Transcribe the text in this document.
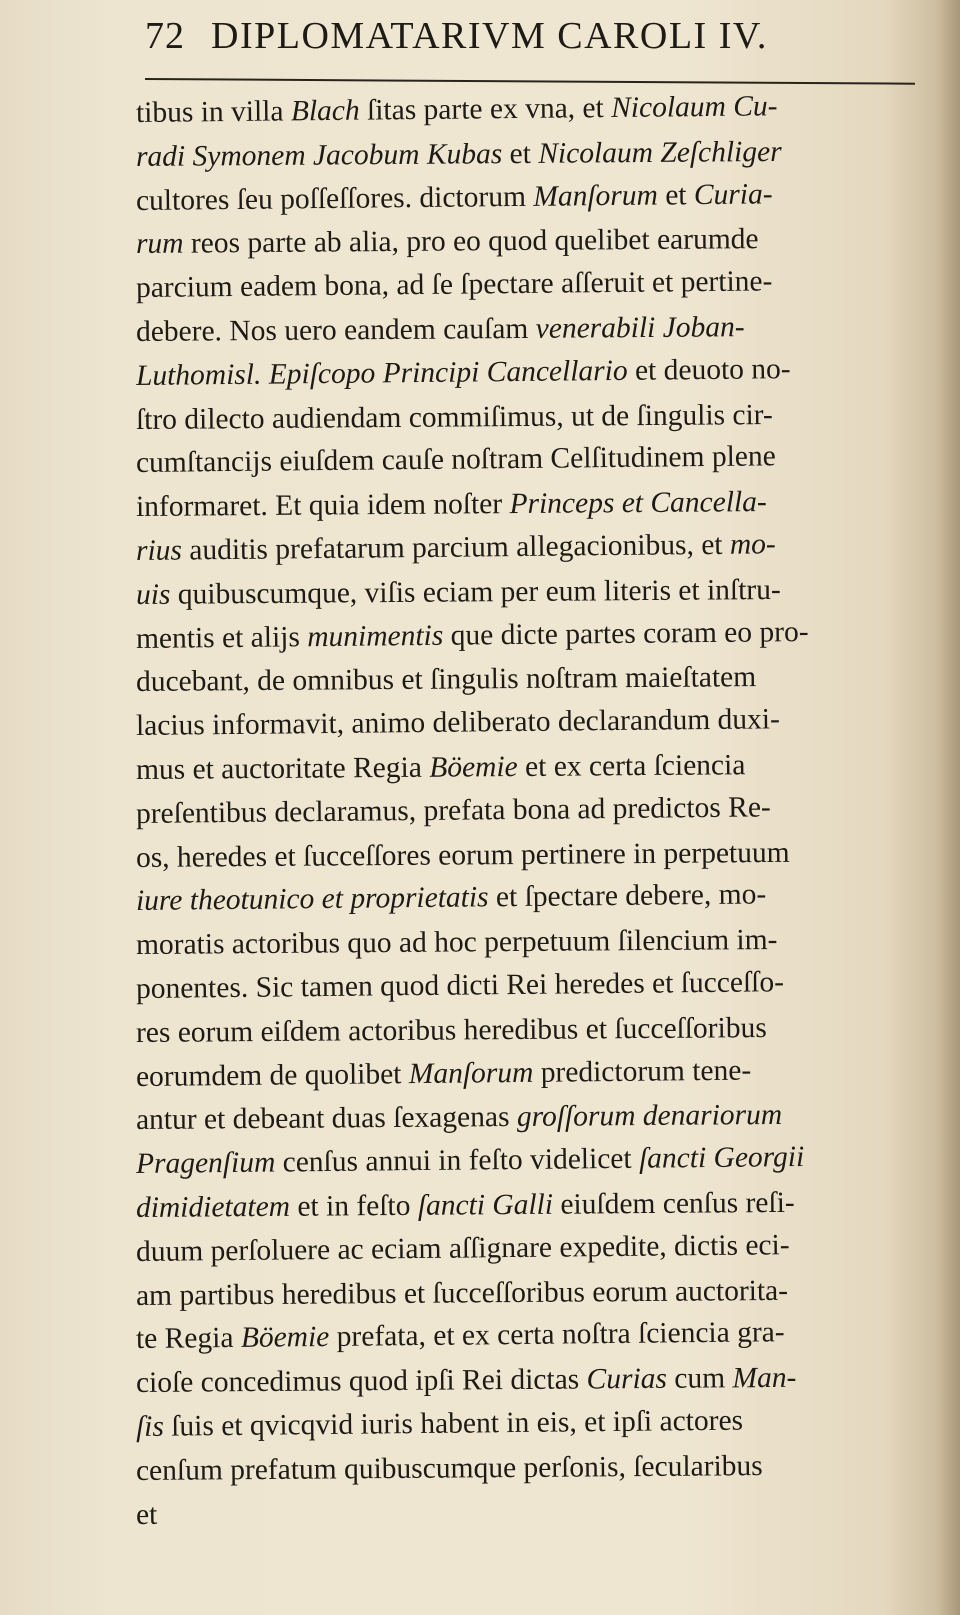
72 DIPLOMATARIVM CAROLI IV.
tibus in villa Blach ſitas parte ex vna, et Nicolaum Cu-
radi Symonem Jacobum Kubas et Nicolaum Zeſchliger
cultores ſeu poſſeſſores. dictorum Manſorum et Curia-
rum reos parte ab alia, pro eo quod quelibet earumde
parcium eadem bona, ad ſe ſpectare aſſeruit et pertine-
debere. Nos uero eandem cauſam venerabili Joban-
Luthomisl. Epiſcopo Principi Cancellario et deuoto no-
ſtro dilecto audiendam commiſimus, ut de ſingulis cir-
cumſtancijs eiuſdem cauſe noſtram Celſitudinem plene
informaret. Et quia idem noſter Princeps et Cancella-
rius auditis prefatarum parcium allegacionibus, et mo-
uis quibuscumque, viſis eciam per eum literis et inſtru-
mentis et alijs munimentis que dicte partes coram eo pro-
ducebant, de omnibus et ſingulis noſtram maieſtatem
lacius informavit, animo deliberato declarandum duxi-
mus et auctoritate Regia Böemie et ex certa ſciencia
preſentibus declaramus, prefata bona ad predictos Re-
os, heredes et ſucceſſores eorum pertinere in perpetuum
iure theotunico et proprietatis et ſpectare debere, mo-
moratis actoribus quo ad hoc perpetuum ſilencium im-
ponentes. Sic tamen quod dicti Rei heredes et ſucceſſo-
res eorum eiſdem actoribus heredibus et ſucceſſoribus
eorumdem de quolibet Manſorum predictorum tene-
antur et debeant duas ſexagenas groſſorum denariorum
Pragenſium cenſus annui in feſto videlicet ſancti Georgii
dimidietatem et in feſto ſancti Galli eiuſdem cenſus reſi-
duum perſoluere ac eciam aſſignare expedite, dictis eci-
am partibus heredibus et ſucceſſoribus eorum auctorita-
te Regia Böemie prefata, et ex certa noſtra ſciencia gra-
cioſe concedimus quod ipſi Rei dictas Curias cum Man-
ſis ſuis et qvicqvid iuris habent in eis, et ipſi actores
cenſum prefatum quibuscumque perſonis, ſecularibus
et
